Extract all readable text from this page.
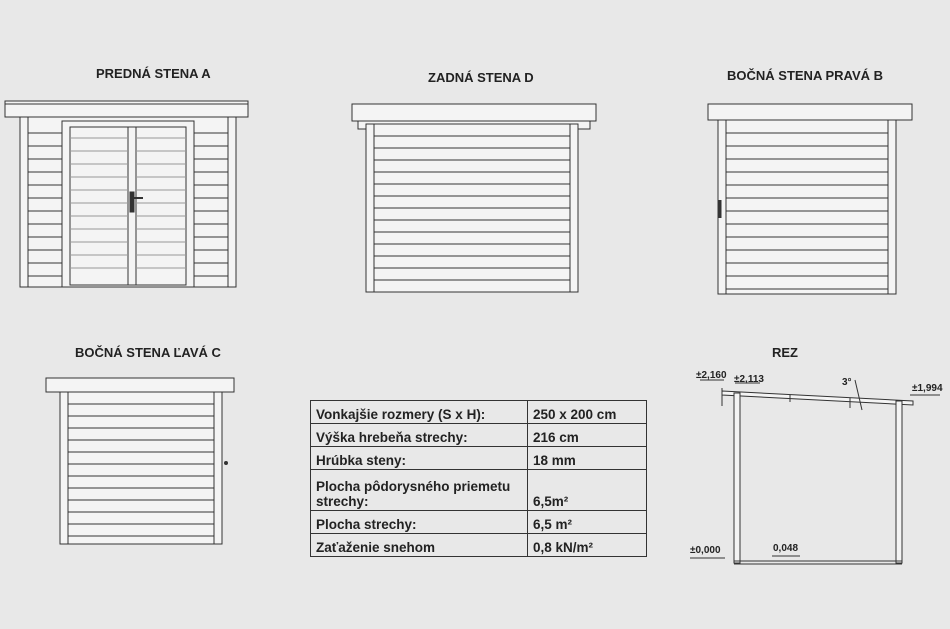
PREDNÁ STENA A	ZADNÁ STENA D	BOČNÁ STENA PRAVÁ B
BOČNÁ STENA ĽAVÁ C	REZ
±2,160 ±2,113
±1,994
3°
±0,000	0,048
Vonkajšie rozmery (S x H):	250 x 200 cm
Výška hrebeňa strechy:	216 cm
Hrúbka steny:	18 mm
Plocha pôdorysného priemetu strechy:	6,5m²
Plocha strechy:	6,5 m²
Zaťaženie snehom	0,8 kN/m²
